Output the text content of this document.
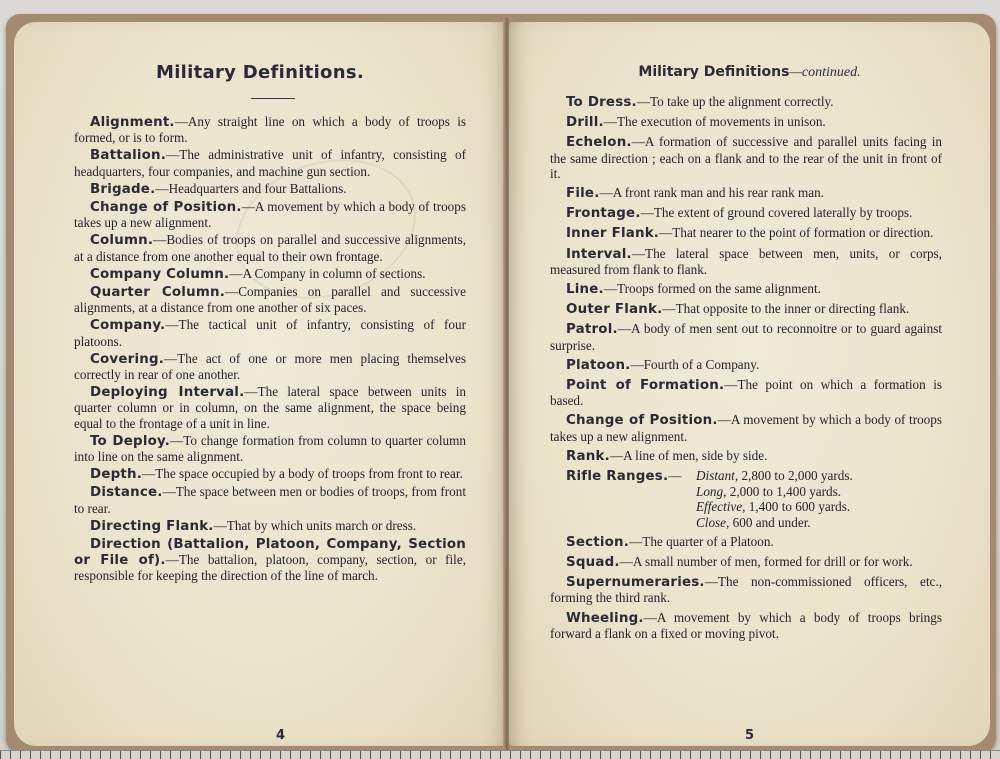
Military Definitions.
Alignment.—Any straight line on which a body of troops is formed, or is to form.
Battalion.—The administrative unit of infantry, consisting of headquarters, four companies, and machine gun section.
Brigade.—Headquarters and four Battalions.
Change of Position.—A movement by which a body of troops takes up a new alignment.
Column.—Bodies of troops on parallel and successive alignments, at a distance from one another equal to their own frontage.
Company Column.—A Company in column of sections.
Quarter Column.—Companies on parallel and successive alignments, at a distance from one another of six paces.
Company.—The tactical unit of infantry, consisting of four platoons.
Covering.—The act of one or more men placing themselves correctly in rear of one another.
Deploying Interval.—The lateral space between units in quarter column or in column, on the same alignment, the space being equal to the frontage of a unit in line.
To Deploy.—To change formation from column to quarter column into line on the same alignment.
Depth.—The space occupied by a body of troops from front to rear.
Distance.—The space between men or bodies of troops, from front to rear.
Directing Flank.—That by which units march or dress.
Direction (Battalion, Platoon, Company, Section or File of).—The battalion, platoon, company, section, or file, responsible for keeping the direction of the line of march.
4
Military Definitions—continued.
To Dress.—To take up the alignment correctly.
Drill.—The execution of movements in unison.
Echelon.—A formation of successive and parallel units facing in the same direction ; each on a flank and to the rear of the unit in front of it.
File.—A front rank man and his rear rank man.
Frontage.—The extent of ground covered laterally by troops.
Inner Flank.—That nearer to the point of formation or direction.
Interval.—The lateral space between men, units, or corps, measured from flank to flank.
Line.—Troops formed on the same alignment.
Outer Flank.—That opposite to the inner or directing flank.
Patrol.—A body of men sent out to reconnoitre or to guard against surprise.
Platoon.—Fourth of a Company.
Point of Formation.—The point on which a formation is based.
Change of Position.—A movement by which a body of troops takes up a new alignment.
Rank.—A line of men, side by side.
Rifle Ranges.—	Distant, 2,800 to 2,000 yards.
Long, 2,000 to 1,400 yards.
Effective, 1,400 to 600 yards.
Close, 600 and under.
Section.—The quarter of a Platoon.
Squad.—A small number of men, formed for drill or for work.
Supernumeraries.—The non-commissioned officers, etc., forming the third rank.
Wheeling.—A movement by which a body of troops brings forward a flank on a fixed or moving pivot.
5
